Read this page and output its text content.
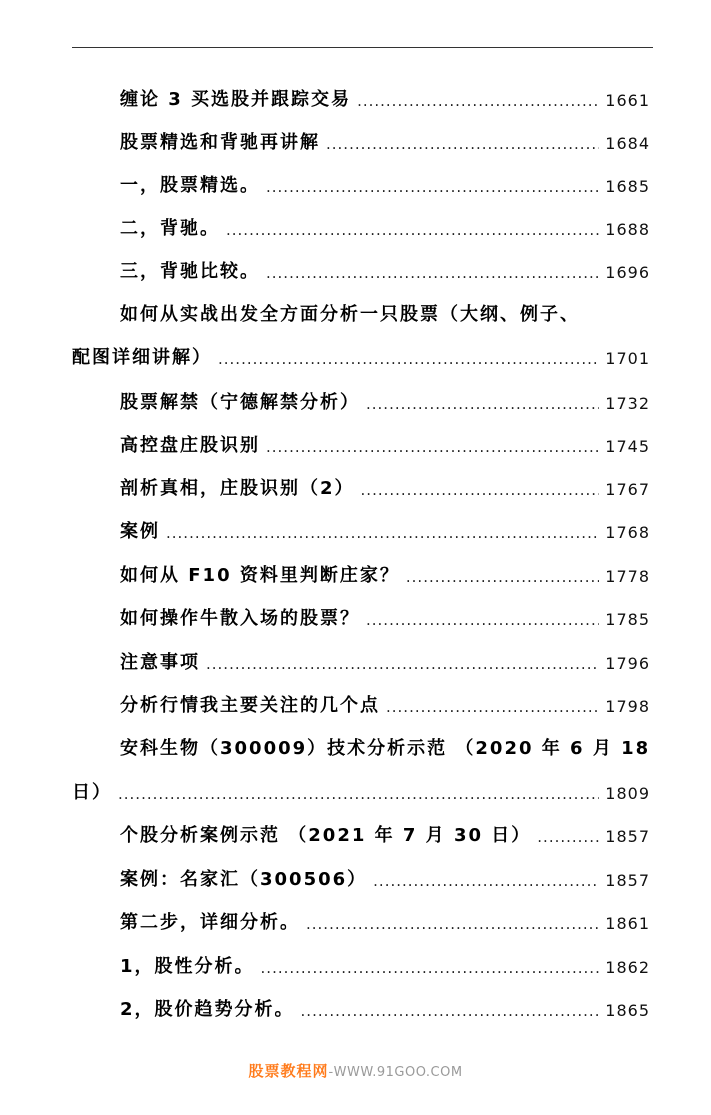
缠论 3 买选股并跟踪交易 .....	1661
股票精选和背驰再讲解 .....	1684
一，股票精选。 .....	1685
二，背驰。 .....	1688
三，背驰比较。 .....	1696
如何从实战出发全方面分析一只股票（大纲、例子、
配图详细讲解） .....	1701
股票解禁（宁德解禁分析） .....	1732
高控盘庄股识别 .....	1745
剖析真相，庄股识别（2） .....	1767
案例 .....	1768
如何从 F10 资料里判断庄家？ .....	1778
如何操作牛散入场的股票？ .....	1785
注意事项 .....	1796
分析行情我主要关注的几个点 .....	1798
安科生物（300009）技术分析示范 （2020 年 6 月 18
日） .....	1809
个股分析案例示范 （2021 年 7 月 30 日） .....	1857
案例：名家汇（300506） .....	1857
第二步，详细分析。 .....	1861
1，股性分析。 .....	1862
2，股价趋势分析。 .....	1865
股票教程网-WWW.91GOO.COM
